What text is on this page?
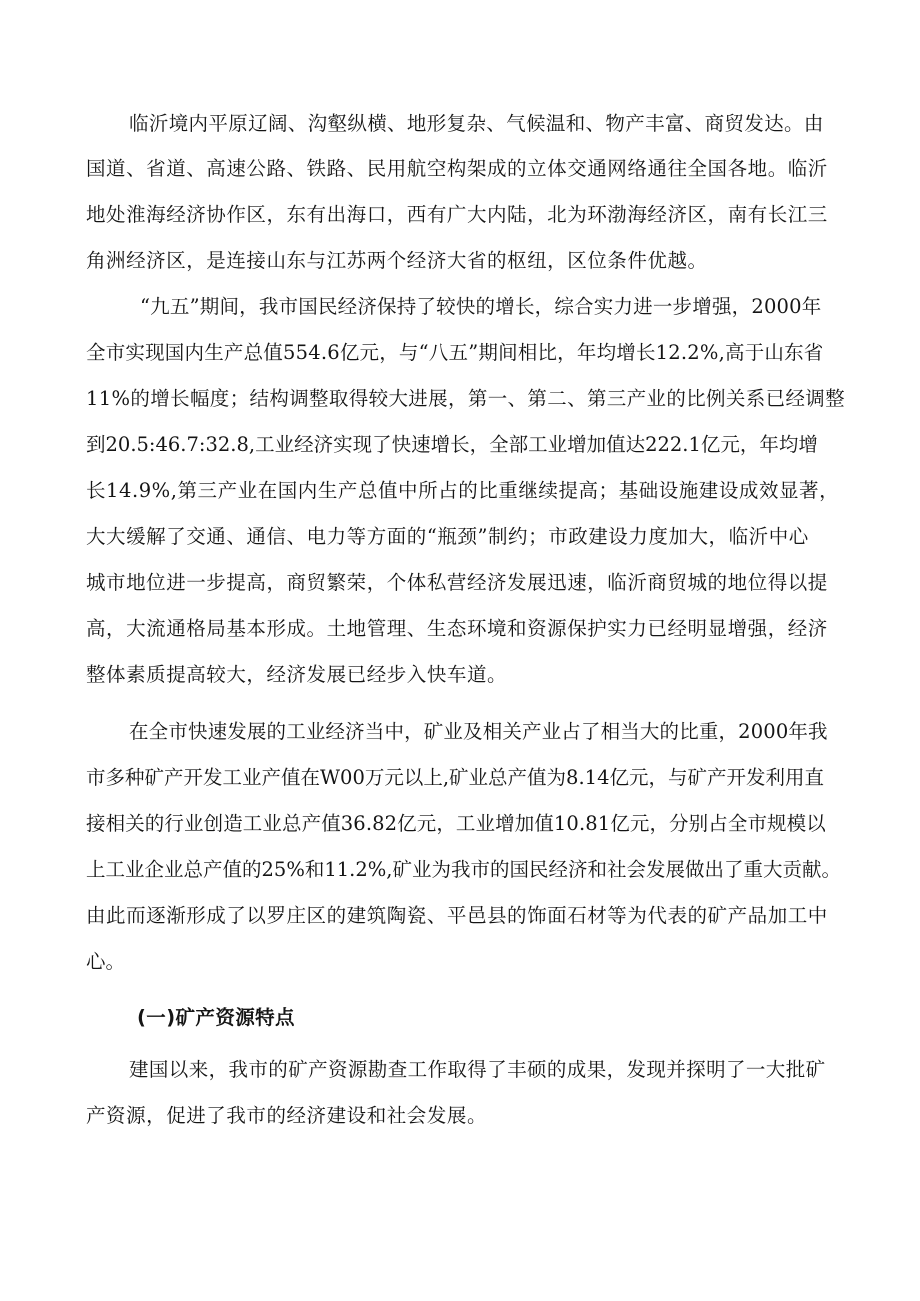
临沂境内平原辽阔、沟壑纵横、地形复杂、气候温和、物产丰富、商贸发达。由
国道、省道、高速公路、铁路、民用航空构架成的立体交通网络通往全国各地。临沂
地处淮海经济协作区，东有出海口，西有广大内陆，北为环渤海经济区，南有长江三
角洲经济区，是连接山东与江苏两个经济大省的枢纽，区位条件优越。
“九五”期间，我市国民经济保持了较快的增长，综合实力进一步增强，2000年
全市实现国内生产总值554.6亿元，与“八五”期间相比，年均增长12.2%,高于山东省
11%的增长幅度；结构调整取得较大进展，第一、第二、第三产业的比例关系已经调整
到20.5:46.7:32.8,工业经济实现了快速增长，全部工业增加值达222.1亿元，年均增
长14.9%,第三产业在国内生产总值中所占的比重继续提高；基础设施建设成效显著，
大大缓解了交通、通信、电力等方面的“瓶颈”制约；市政建设力度加大，临沂中心
城市地位进一步提高，商贸繁荣，个体私营经济发展迅速，临沂商贸城的地位得以提
高，大流通格局基本形成。土地管理、生态环境和资源保护实力已经明显增强，经济
整体素质提高较大，经济发展已经步入快车道。
在全市快速发展的工业经济当中，矿业及相关产业占了相当大的比重，2000年我
市多种矿产开发工业产值在W00万元以上,矿业总产值为8.14亿元，与矿产开发利用直
接相关的行业创造工业总产值36.82亿元，工业增加值10.81亿元，分别占全市规模以
上工业企业总产值的25%和11.2%,矿业为我市的国民经济和社会发展做出了重大贡献。
由此而逐渐形成了以罗庄区的建筑陶瓷、平邑县的饰面石材等为代表的矿产品加工中
心。
(一)矿产资源特点
建国以来，我市的矿产资源勘查工作取得了丰硕的成果，发现并探明了一大批矿
产资源，促进了我市的经济建设和社会发展。
